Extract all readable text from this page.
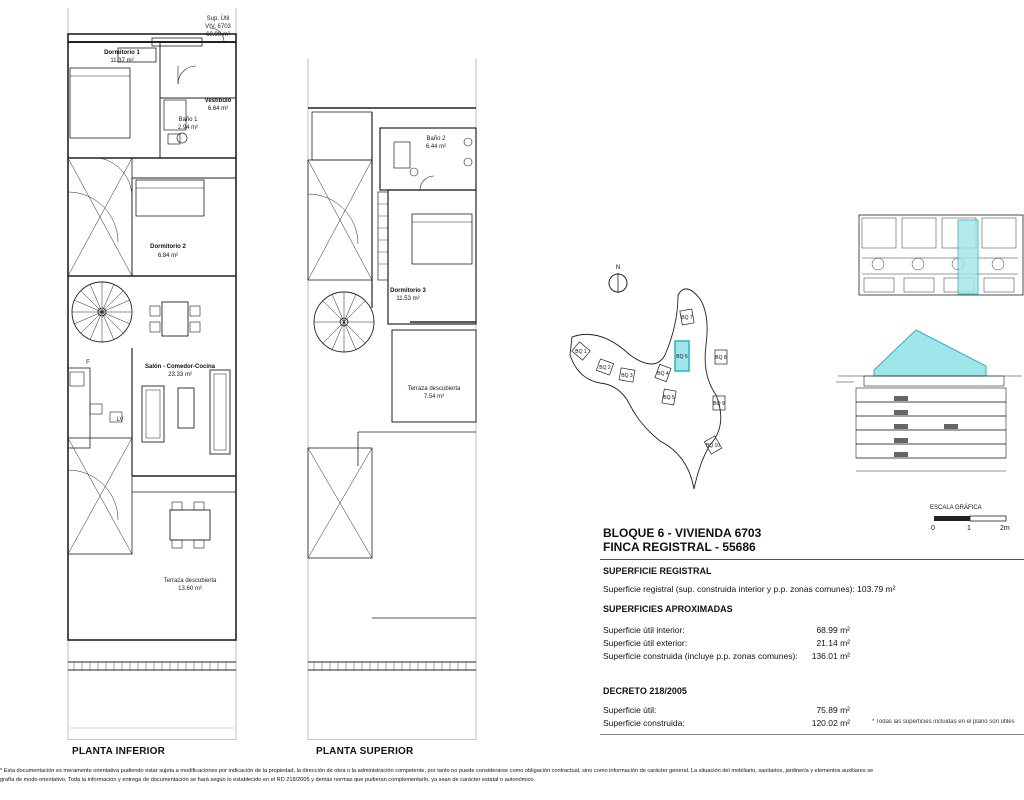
Sup. Útil
VIV. 6703
68.99 m²
Dormitorio 1
11.37 m²
Vestíbulo
6.64 m²
Baño 1
2.94 m²
Dormitorio 2
6.84 m²
Salón - Comedor-Cocina
23.33 m²
Terraza descubierta
13.60 m²
F
LV
PLANTA INFERIOR
Baño 2
6.44 m²
Dormitorio 3
11.53 m²
Terraza descubierta
7.54 m²
PLANTA SUPERIOR
N
BQ 1
BQ 2
BQ 3	BQ 4
BQ 5
BQ 6
BQ 7
BQ 8
BQ 9
BQ 10
ESCALA GRÁFICA
0	1	2m
BLOQUE 6 - VIVIENDA 6703
FINCA REGISTRAL - 55686
SUPERFICIE REGISTRAL
Superficie registral (sup. construida interior y p.p. zonas comunes): 103.79 m²
SUPERFICIES APROXIMADAS
Superficie útil interior:	68.99 m²
Superficie útil exterior:	21.14 m²
Superficie construida (incluye p.p. zonas comunes):	136.01 m²
DECRETO 218/2005
Superficie útil:	75.89 m²
Superficie construida:	120.02 m²	* Todas las superficies incluidas en el plano son útiles
* Esta documentación es meramente orientativa pudiendo estar sujeta a modificaciones por indicación de la propiedad, la dirección de obra o la administración competente, por tanto no puede considerarse como obligación contractual, sino como información de carácter general. La situación del mobiliario, sanitarios, jardinería y elementos auxiliares se
grafía de modo orientativo. Toda la información y entrega de documentación se hará según lo establecido en el RD 218/2005 y demás normas que pudieran complementarlo, ya sean de carácter estatal o autonómico.
